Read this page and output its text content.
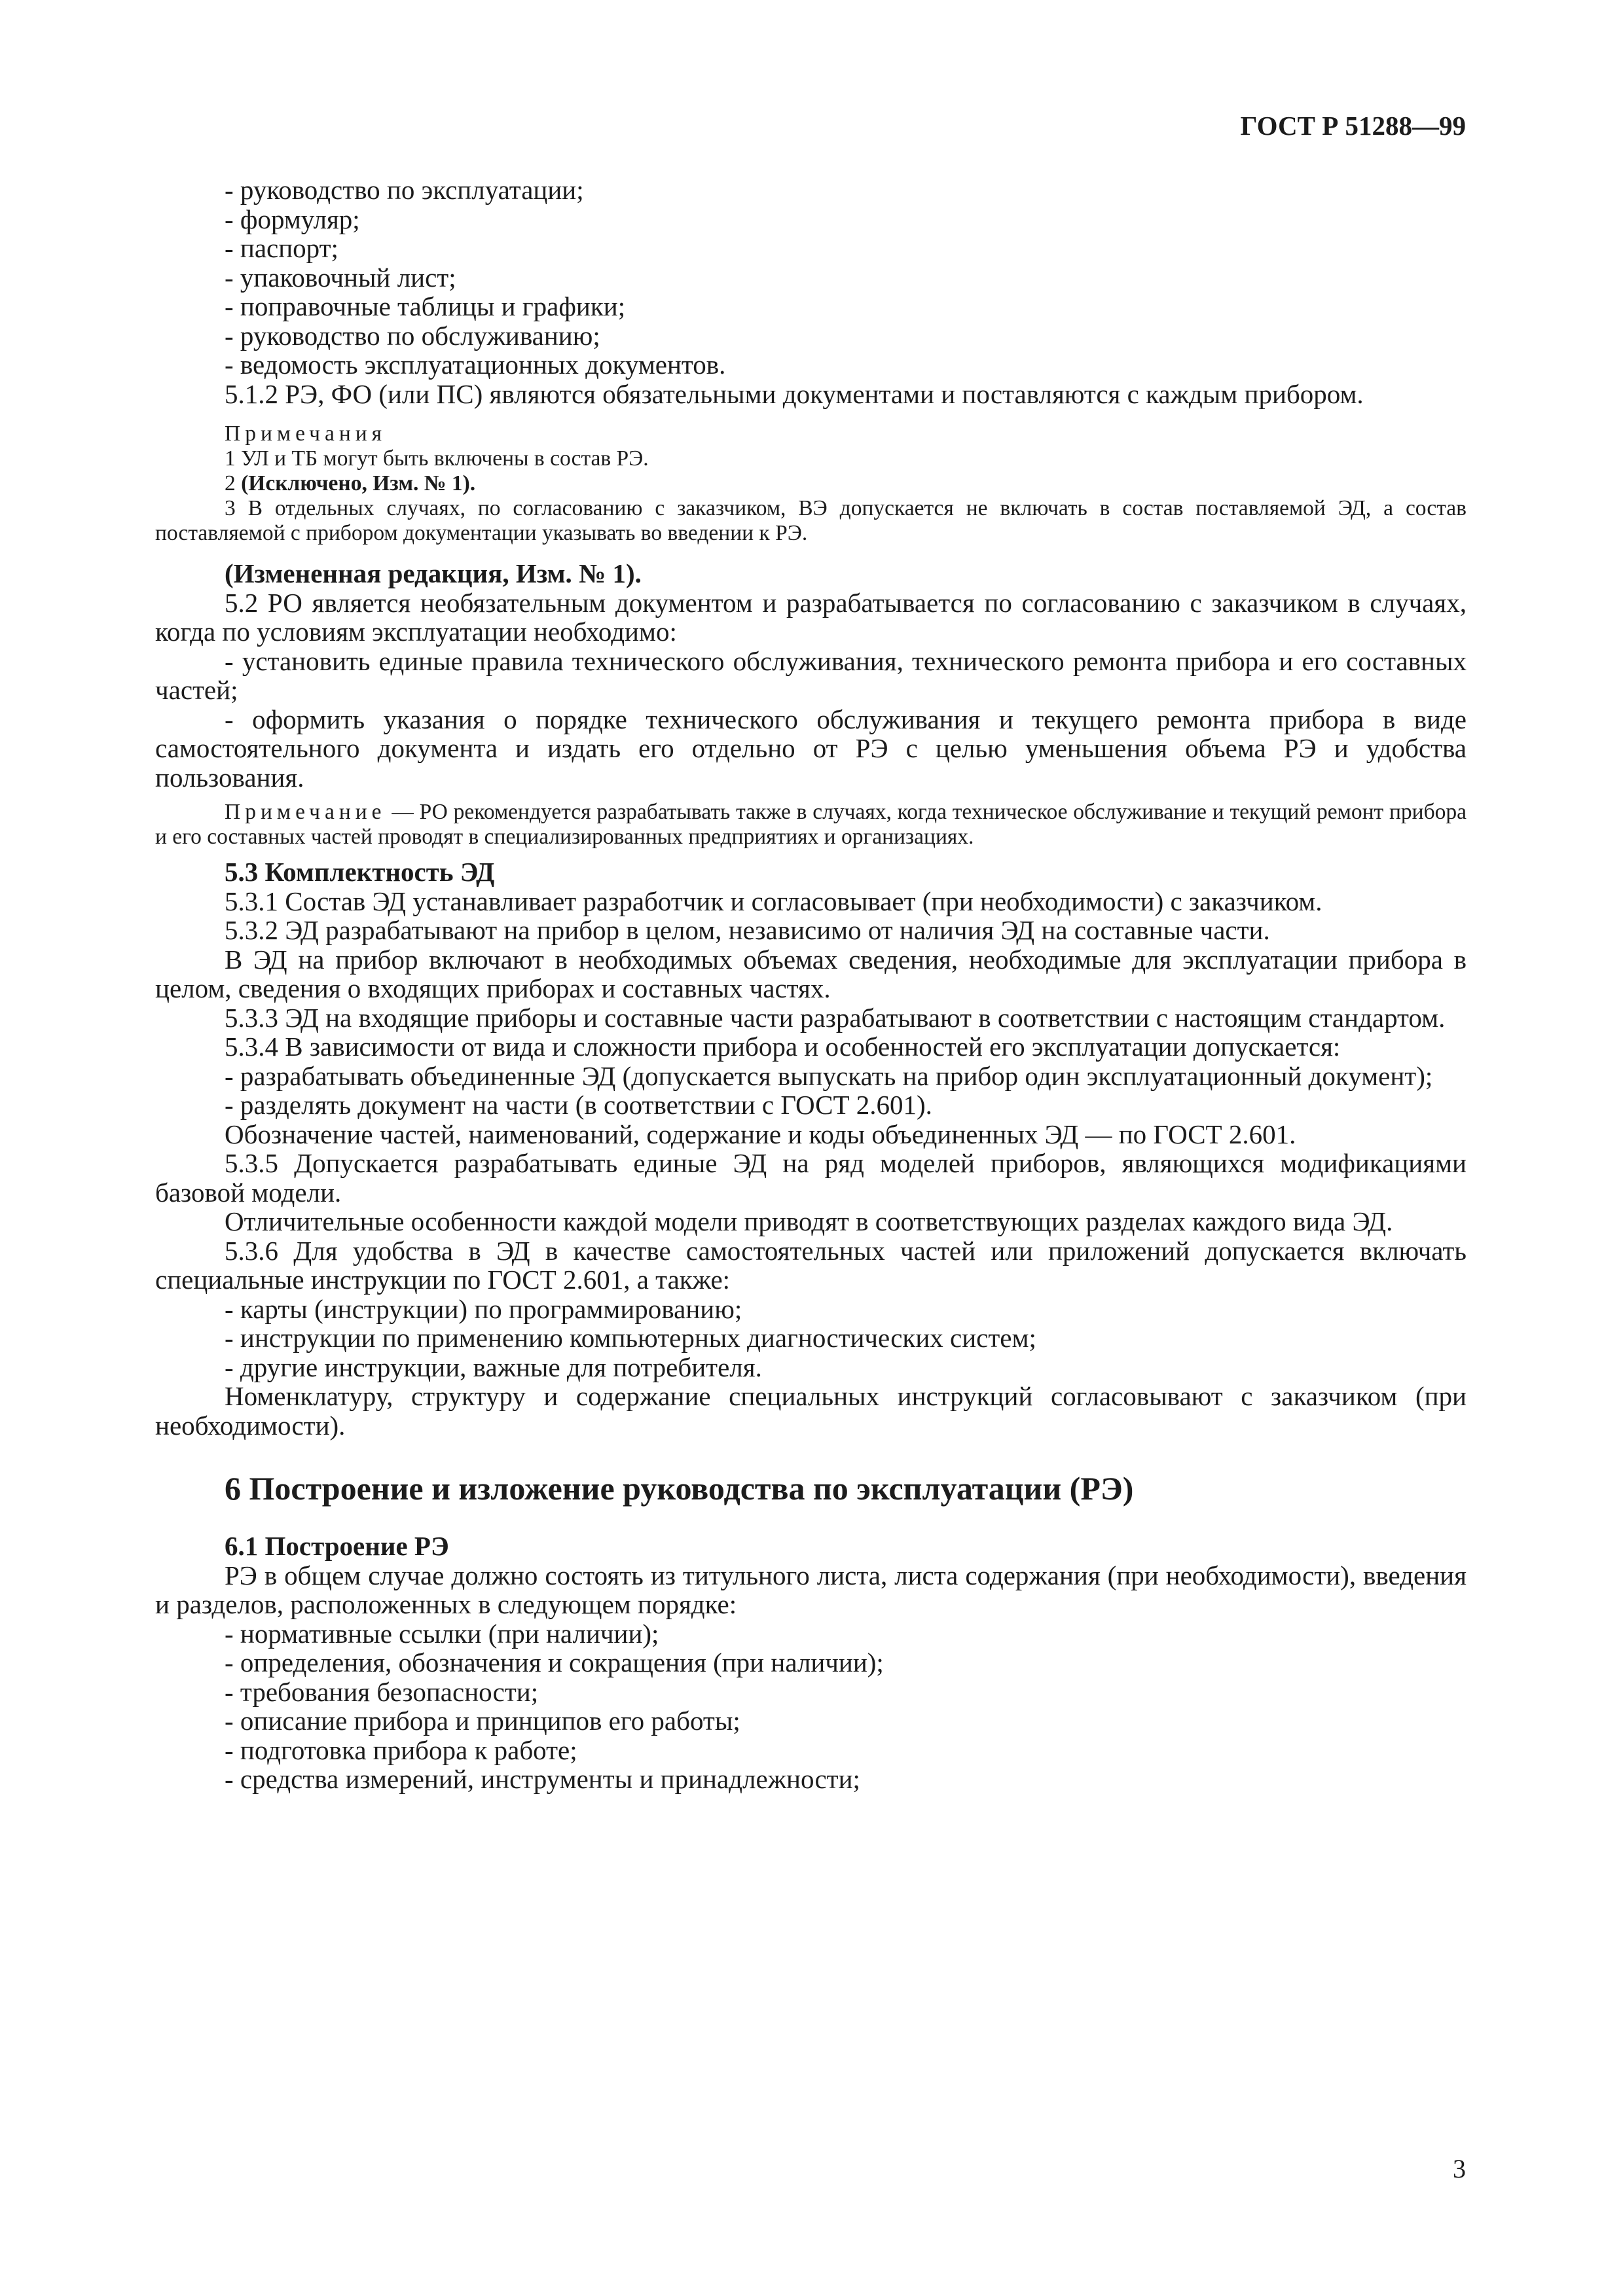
ГОСТ Р 51288—99

- руководство по эксплуатации;

- формуляр;

- паспорт;

- упаковочный лист;

- поправочные таблицы и графики;

- руководство по обслуживанию;

- ведомость эксплуатационных документов.

5.1.2 РЭ, ФО (или ПС) являются обязательными документами и поставляются с каждым прибором.

Примечания

1 УЛ и ТБ могут быть включены в состав РЭ.

2 (Исключено, Изм. № 1).

3 В отдельных случаях, по согласованию с заказчиком, ВЭ допускается не включать в состав поставляемой ЭД, а состав поставляемой с прибором документации указывать во введении к РЭ.

(Измененная редакция, Изм. № 1).

5.2 РО является необязательным документом и разрабатывается по согласованию с заказчиком в случаях, когда по условиям эксплуатации необходимо:

- установить единые правила технического обслуживания, технического ремонта прибора и его составных частей;

- оформить указания о порядке технического обслуживания и текущего ремонта прибора в виде самостоятельного документа и издать его отдельно от РЭ с целью уменьшения объема РЭ и удобства пользования.

Примечание — РО рекомендуется разрабатывать также в случаях, когда техническое обслуживание и текущий ремонт прибора и его составных частей проводят в специализированных предприятиях и организациях.

5.3 Комплектность ЭД

5.3.1 Состав ЭД устанавливает разработчик и согласовывает (при необходимости) с заказчиком.

5.3.2 ЭД разрабатывают на прибор в целом, независимо от наличия ЭД на составные части.

В ЭД на прибор включают в необходимых объемах сведения, необходимые для эксплуатации прибора в целом, сведения о входящих приборах и составных частях.

5.3.3 ЭД на входящие приборы и составные части разрабатывают в соответствии с настоящим стандартом.

5.3.4 В зависимости от вида и сложности прибора и особенностей его эксплуатации допускается:

- разрабатывать объединенные ЭД (допускается выпускать на прибор один эксплуатационный документ);

- разделять документ на части (в соответствии с ГОСТ 2.601).

Обозначение частей, наименований, содержание и коды объединенных ЭД — по ГОСТ 2.601.

5.3.5 Допускается разрабатывать единые ЭД на ряд моделей приборов, являющихся модификациями базовой модели.

Отличительные особенности каждой модели приводят в соответствующих разделах каждого вида ЭД.

5.3.6 Для удобства в ЭД в качестве самостоятельных частей или приложений допускается включать специальные инструкции по ГОСТ 2.601, а также:

- карты (инструкции) по программированию;

- инструкции по применению компьютерных диагностических систем;

- другие инструкции, важные для потребителя.

Номенклатуру, структуру и содержание специальных инструкций согласовывают с заказчиком (при необходимости).

6 Построение и изложение руководства по эксплуатации (РЭ)

6.1 Построение РЭ

РЭ в общем случае должно состоять из титульного листа, листа содержания (при необходимости), введения и разделов, расположенных в следующем порядке:

- нормативные ссылки (при наличии);

- определения, обозначения и сокращения (при наличии);

- требования безопасности;

- описание прибора и принципов его работы;

- подготовка прибора к работе;

- средства измерений, инструменты и принадлежности;

3
